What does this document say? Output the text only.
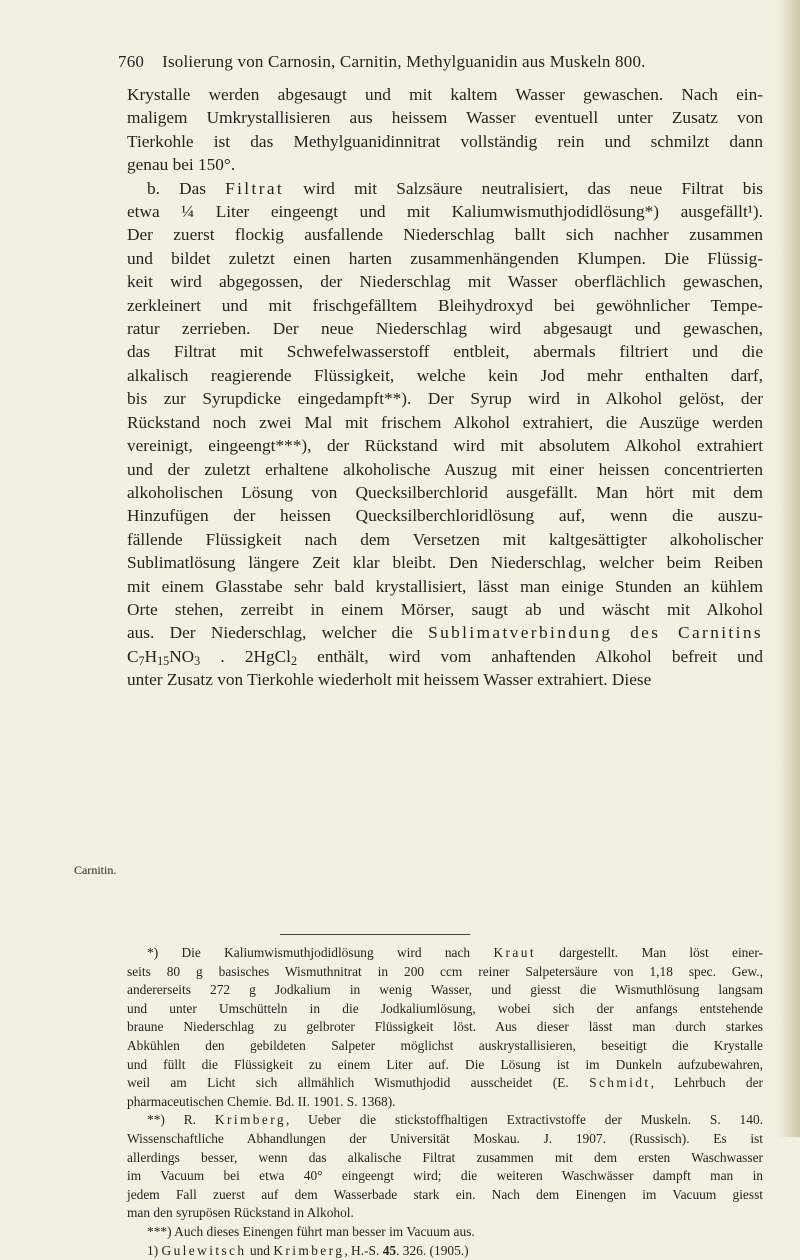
760 Isolierung von Carnosin, Carnitin, Methylguanidin aus Muskeln 800.
Carnitin.

Krystalle werden abgesaugt und mit kaltem Wasser gewaschen. Nach ein-

maligem Umkrystallisieren aus heissem Wasser eventuell unter Zusatz von

Tierkohle ist das Methylguanidinnitrat vollständig rein und schmilzt dann

genau bei 150°.

b. Das Filtrat wird mit Salzsäure neutralisiert, das neue Filtrat bis

etwa ¼ Liter eingeengt und mit Kaliumwismuthjodidlösung*) ausgefällt¹).

Der zuerst flockig ausfallende Niederschlag ballt sich nachher zusammen

und bildet zuletzt einen harten zusammenhängenden Klumpen. Die Flüssig-

keit wird abgegossen, der Niederschlag mit Wasser oberflächlich gewaschen,

zerkleinert und mit frischgefälltem Bleihydroxyd bei gewöhnlicher Tempe-

ratur zerrieben. Der neue Niederschlag wird abgesaugt und gewaschen,

das Filtrat mit Schwefelwasserstoff entbleit, abermals filtriert und die

alkalisch reagierende Flüssigkeit, welche kein Jod mehr enthalten darf,

bis zur Syrupdicke eingedampft**). Der Syrup wird in Alkohol gelöst, der

Rückstand noch zwei Mal mit frischem Alkohol extrahiert, die Auszüge werden

vereinigt, eingeengt***), der Rückstand wird mit absolutem Alkohol extrahiert

und der zuletzt erhaltene alkoholische Auszug mit einer heissen concentrierten

alkoholischen Lösung von Quecksilberchlorid ausgefällt. Man hört mit dem

Hinzufügen der heissen Quecksilberchloridlösung auf, wenn die auszu-

fällende Flüssigkeit nach dem Versetzen mit kaltgesättigter alkoholischer

Sublimatlösung längere Zeit klar bleibt. Den Niederschlag, welcher beim Reiben

mit einem Glasstabe sehr bald krystallisiert, lässt man einige Stunden an kühlem

Orte stehen, zerreibt in einem Mörser, saugt ab und wäscht mit Alkohol

aus. Der Niederschlag, welcher die Sublimatverbindung des Carnitins

$C_7H_{15}NO_3$ . 2HgCl$_2$ enthält, wird vom anhaftenden Alkohol befreit und

unter Zusatz von Tierkohle wiederholt mit heissem Wasser extrahiert. Diese

*) Die Kaliumwismuthjodidlösung wird nach Kraut dargestellt. Man löst einer-

seits 80 g basisches Wismuthnitrat in 200 ccm reiner Salpetersäure von 1,18 spec. Gew.,

andererseits 272 g Jodkalium in wenig Wasser, und giesst die Wismuthlösung langsam

und unter Umschütteln in die Jodkaliumlösung, wobei sich der anfangs entstehende

braune Niederschlag zu gelbroter Flüssigkeit löst. Aus dieser lässt man durch starkes

Abkühlen den gebildeten Salpeter möglichst auskrystallisieren, beseitigt die Krystalle

und füllt die Flüssigkeit zu einem Liter auf. Die Lösung ist im Dunkeln aufzubewahren,

weil am Licht sich allmählich Wismuthjodid ausscheidet (E. Schmidt, Lehrbuch der

pharmaceutischen Chemie. Bd. II. 1901. S. 1368).

**) R. Krimberg, Ueber die stickstoffhaltigen Extractivstoffe der Muskeln. S. 140.

Wissenschaftliche Abhandlungen der Universität Moskau. J. 1907. (Russisch). Es ist

allerdings besser, wenn das alkalische Filtrat zusammen mit dem ersten Waschwasser

im Vacuum bei etwa 40° eingeengt wird; die weiteren Waschwässer dampft man in

jedem Fall zuerst auf dem Wasserbade stark ein. Nach dem Einengen im Vacuum giesst

man den syrupösen Rückstand in Alkohol.

***) Auch dieses Einengen führt man besser im Vacuum aus.

1) Gulewitsch und Krimberg, H.-S. 45. 326. (1905.)
